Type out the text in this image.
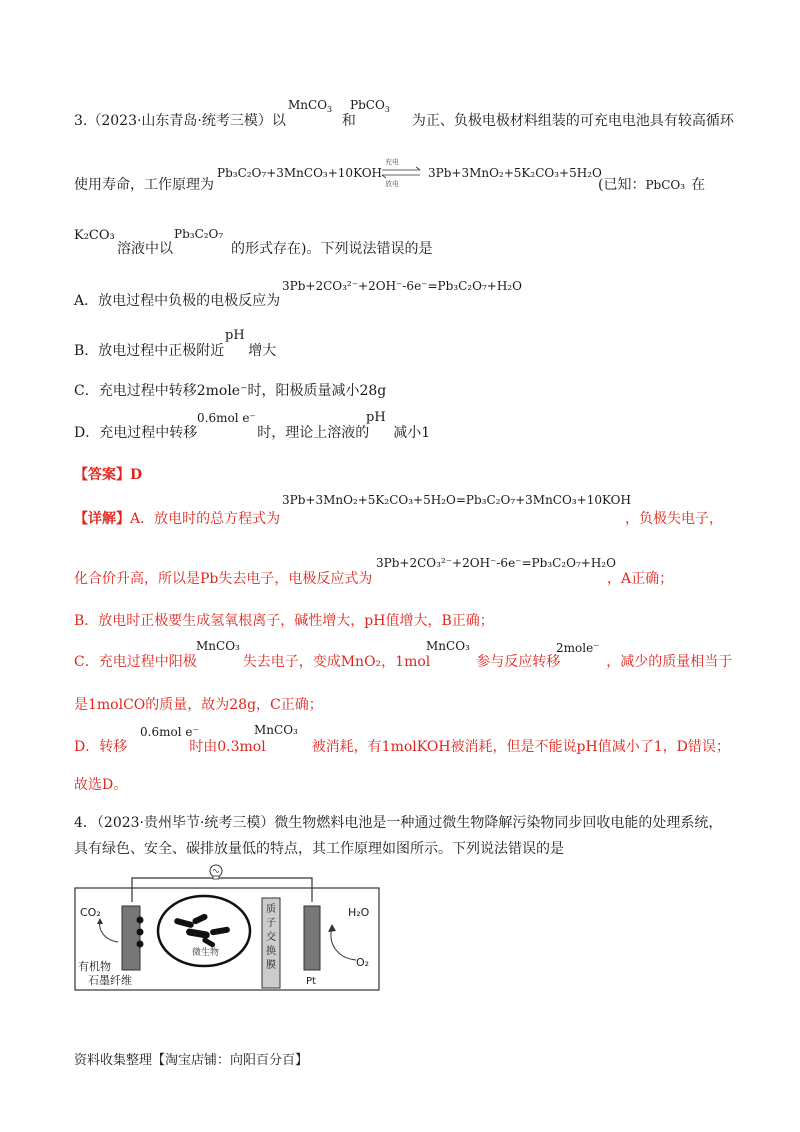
3.（2023·山东青岛·统考三模）以	和	为正、负极电极材料组装的可充电电池具有较高循环
MnCO$_3$ PbCO$_3$
使用寿命，工作原理为
Pb₃C₂O₇+3MnCO₃+10KOH
充电
放电
3Pb+3MnO₂+5K₂CO₃+5H₂O
(已知：PbCO₃ 在
K₂CO₃
溶液中以	的形式存在)。下列说法错误的是
Pb₃C₂O₇
A．放电过程中负极的电极反应为
3Pb+2CO₃²⁻+2OH⁻-6e⁻=Pb₃C₂O₇+H₂O
B．放电过程中正极附近 增大
pH
C．充电过程中转移2mole⁻时，阳极质量减小28g
D．充电过程中转移	时，理论上溶液的 减小1
0.6mol e⁻	pH
【答案】D
【详解】A．放电时的总方程式为
3Pb+3MnO₂+5K₂CO₃+5H₂O=Pb₃C₂O₇+3MnCO₃+10KOH
，负极失电子，
化合价升高，所以是Pb失去电子，电极反应式为
3Pb+2CO₃²⁻+2OH⁻-6e⁻=Pb₃C₂O₇+H₂O
，A正确；
B．放电时正极要生成氢氧根离子，碱性增大，pH值增大，B正确；
C．充电过程中阳极	失去电子，变成MnO₂，1mol	参与反应转移	，减少的质量相当于
MnCO₃	MnCO₃	2mole⁻
是1molCO的质量，故为28g，C正确；
D．转移	时由0.3mol	被消耗，有1molKOH被消耗，但是不能说pH值减小了1，D错误；
0.6mol e⁻	MnCO₃
故选D。
4．（2023·贵州毕节·统考三模）微生物燃料电池是一种通过微生物降解污染物同步回收电能的处理系统，
具有绿色、安全、碳排放量低的特点，其工作原理如图所示。下列说法错误的是
微生物
质
子
交
换
膜
Pt
CO₂
有机物
石墨纤维
H₂O
O₂
资料收集整理【淘宝店铺：向阳百分百】
